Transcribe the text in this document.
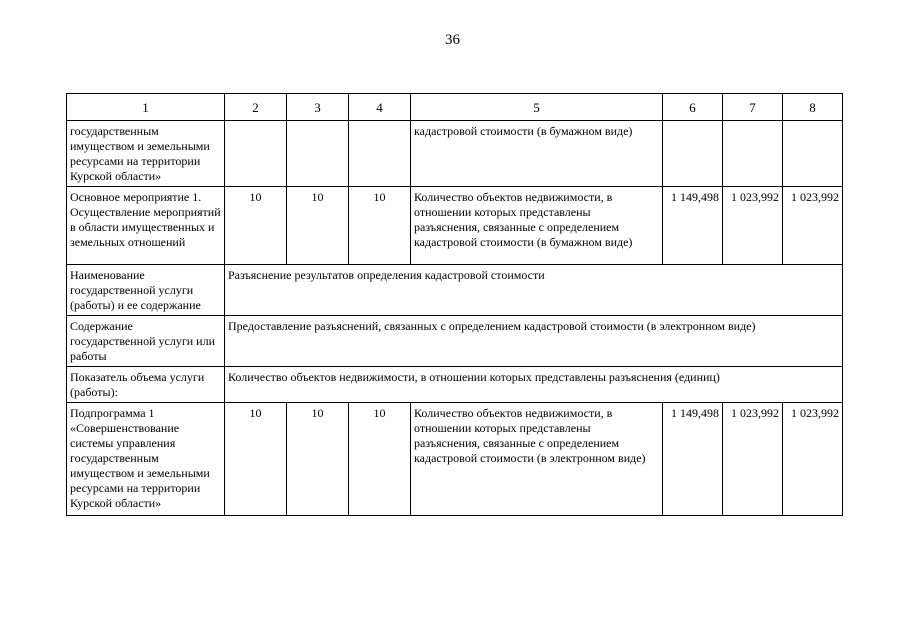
36
1	2	3	4	5	6	7	8
государственным имуществом и земельными ресурсами на территории Курской области»				кадастровой стоимости (в бумажном виде)			
Основное мероприятие 1. Осуществление мероприятий в области имущественных и земельных отношений	10	10	10	Количество объектов недвижимости, в отношении которых представлены разъяснения, связанные с определением кадастровой стоимости (в бумажном виде)	1 149,498	1 023,992	1 023,992
Наименование государственной услуги (работы) и ее содержание	Разъяснение результатов определения кадастровой стоимости						
Содержание государственной услуги или работы	Предоставление разъяснений, связанных с определением кадастровой стоимости (в электронном виде)						
Показатель объема услуги (работы):	Количество объектов недвижимости, в отношении которых представлены разъяснения (единиц)						
Подпрограмма 1 «Совершенствование системы управления государственным имуществом и земельными ресурсами на территории Курской области»	10	10	10	Количество объектов недвижимости, в отношении которых представлены разъяснения, связанные с определением кадастровой стоимости (в электронном виде)	1 149,498	1 023,992	1 023,992
